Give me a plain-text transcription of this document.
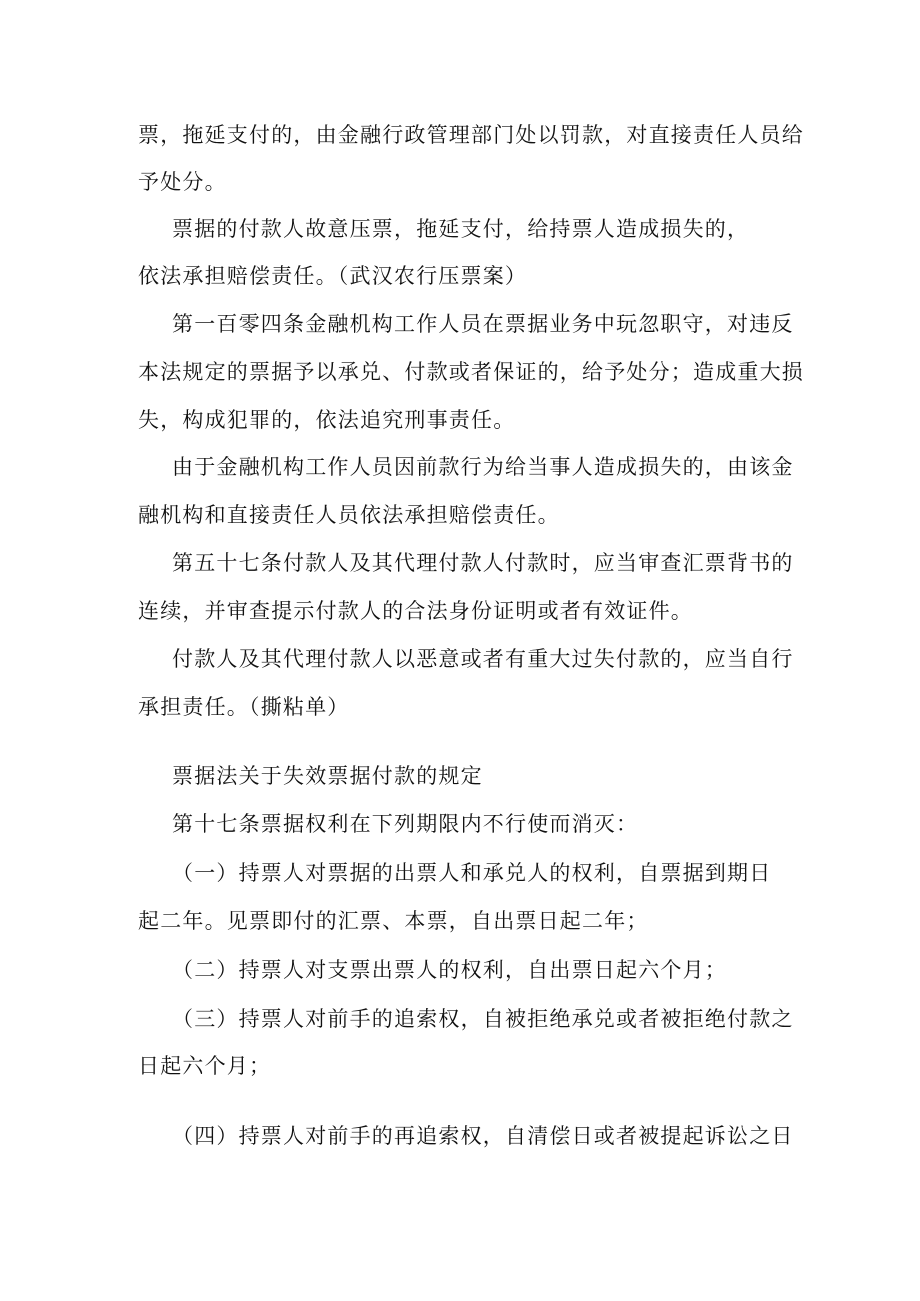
票，拖延支付的，由金融行政管理部门处以罚款，对直接责任人员给
予处分。
票据的付款人故意压票，拖延支付，给持票人造成损失的，
依法承担赔偿责任。（武汉农行压票案）
第一百零四条金融机构工作人员在票据业务中玩忽职守，对违反
本法规定的票据予以承兑、付款或者保证的，给予处分；造成重大损
失，构成犯罪的，依法追究刑事责任。
由于金融机构工作人员因前款行为给当事人造成损失的，由该金
融机构和直接责任人员依法承担赔偿责任。
第五十七条付款人及其代理付款人付款时，应当审查汇票背书的
连续，并审查提示付款人的合法身份证明或者有效证件。
付款人及其代理付款人以恶意或者有重大过失付款的，应当自行
承担责任。（撕粘单）
票据法关于失效票据付款的规定
第十七条票据权利在下列期限内不行使而消灭：
（一）持票人对票据的出票人和承兑人的权利，自票据到期日
起二年。见票即付的汇票、本票，自出票日起二年；
（二）持票人对支票出票人的权利，自出票日起六个月；
（三）持票人对前手的追索权，自被拒绝承兑或者被拒绝付款之
日起六个月；
（四）持票人对前手的再追索权，自清偿日或者被提起诉讼之日
